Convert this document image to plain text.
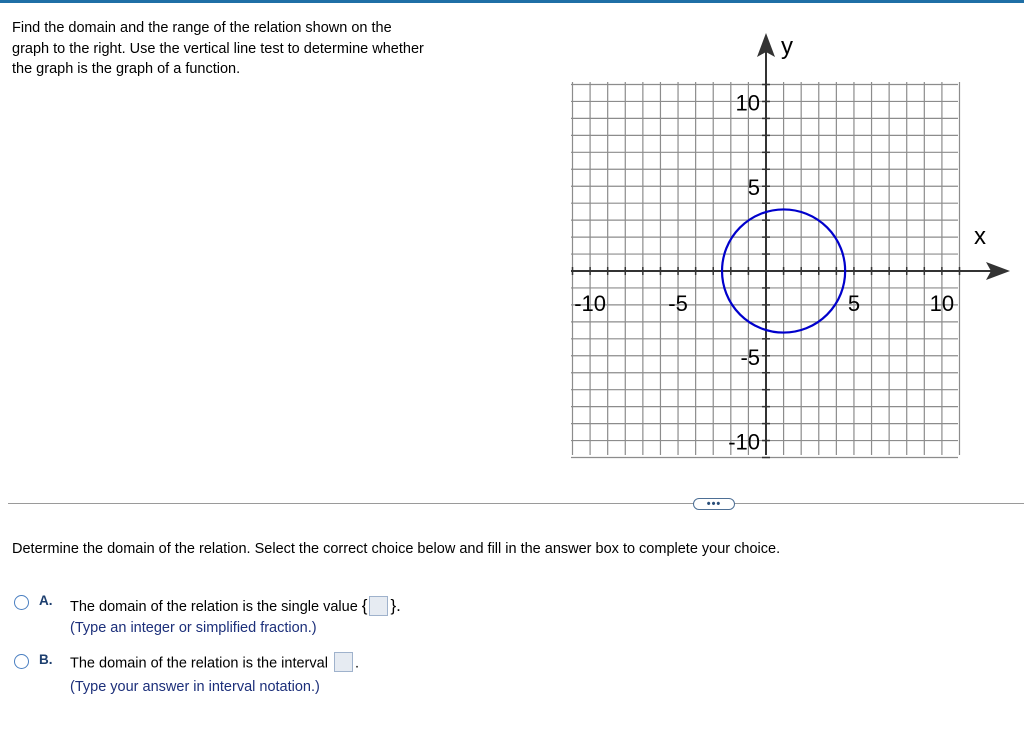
Find the domain and the range of the relation shown on the

graph to the right. Use the vertical line test to determine whether

the graph is the graph of a function.

-10	-5	5	10
10
5
-5
-10
x
y
•••
Determine the domain of the relation. Select the correct choice below and fill in the answer box to complete your choice.
A. The domain of the relation is the single value { }.
(Type an integer or simplified fraction.)
B. The domain of the relation is the interval .
(Type your answer in interval notation.)
